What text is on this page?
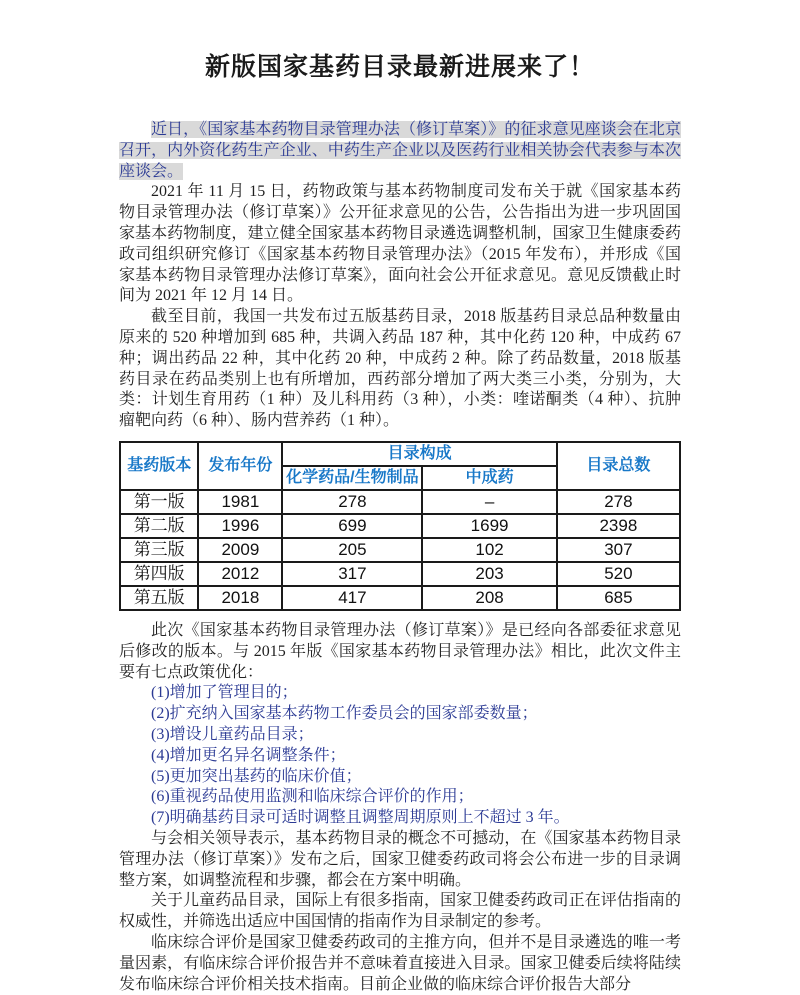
新版国家基药目录最新进展来了！

近日，《国家基本药物目录管理办法（修订草案）》的征求意见座谈会在北京召开，内外资化药生产企业、中药生产企业以及医药行业相关协会代表参与本次座谈会。

2021 年 11 月 15 日，药物政策与基本药物制度司发布关于就《国家基本药物目录管理办法（修订草案）》公开征求意见的公告，公告指出为进一步巩固国家基本药物制度，建立健全国家基本药物目录遴选调整机制，国家卫生健康委药政司组织研究修订《国家基本药物目录管理办法》（2015 年发布），并形成《国家基本药物目录管理办法修订草案》，面向社会公开征求意见。意见反馈截止时间为 2021 年 12 月 14 日。

截至目前，我国一共发布过五版基药目录，2018 版基药目录总品种数量由原来的 520 种增加到 685 种，共调入药品 187 种，其中化药 120 种，中成药 67 种；调出药品 22 种，其中化药 20 种，中成药 2 种。除了药品数量，2018 版基药目录在药品类别上也有所增加，西药部分增加了两大类三小类，分别为，大类：计划生育用药（1 种）及儿科用药（3 种），小类：喹诺酮类（4 种）、抗肿瘤靶向药（6 种）、肠内营养药（1 种）。

基药版本	发布年份	目录构成		目录总数
		化学药品/生物制品	中成药	
第一版	1981	278	–	278
第二版	1996	699	1699	2398
第三版	2009	205	102	307
第四版	2012	317	203	520
第五版	2018	417	208	685

此次《国家基本药物目录管理办法（修订草案）》是已经向各部委征求意见后修改的版本。与 2015 年版《国家基本药物目录管理办法》相比，此次文件主要有七点政策优化：

(1)增加了管理目的；

(2)扩充纳入国家基本药物工作委员会的国家部委数量；

(3)增设儿童药品目录；

(4)增加更名异名调整条件；

(5)更加突出基药的临床价值；

(6)重视药品使用监测和临床综合评价的作用；

(7)明确基药目录可适时调整且调整周期原则上不超过 3 年。

与会相关领导表示，基本药物目录的概念不可撼动，在《国家基本药物目录管理办法（修订草案）》发布之后，国家卫健委药政司将会公布进一步的目录调整方案，如调整流程和步骤，都会在方案中明确。

关于儿童药品目录，国际上有很多指南，国家卫健委药政司正在评估指南的权威性，并筛选出适应中国国情的指南作为目录制定的参考。

临床综合评价是国家卫健委药政司的主推方向，但并不是目录遴选的唯一考量因素，有临床综合评价报告并不意味着直接进入目录。国家卫健委后续将陆续发布临床综合评价相关技术指南。目前企业做的临床综合评价报告大部分
